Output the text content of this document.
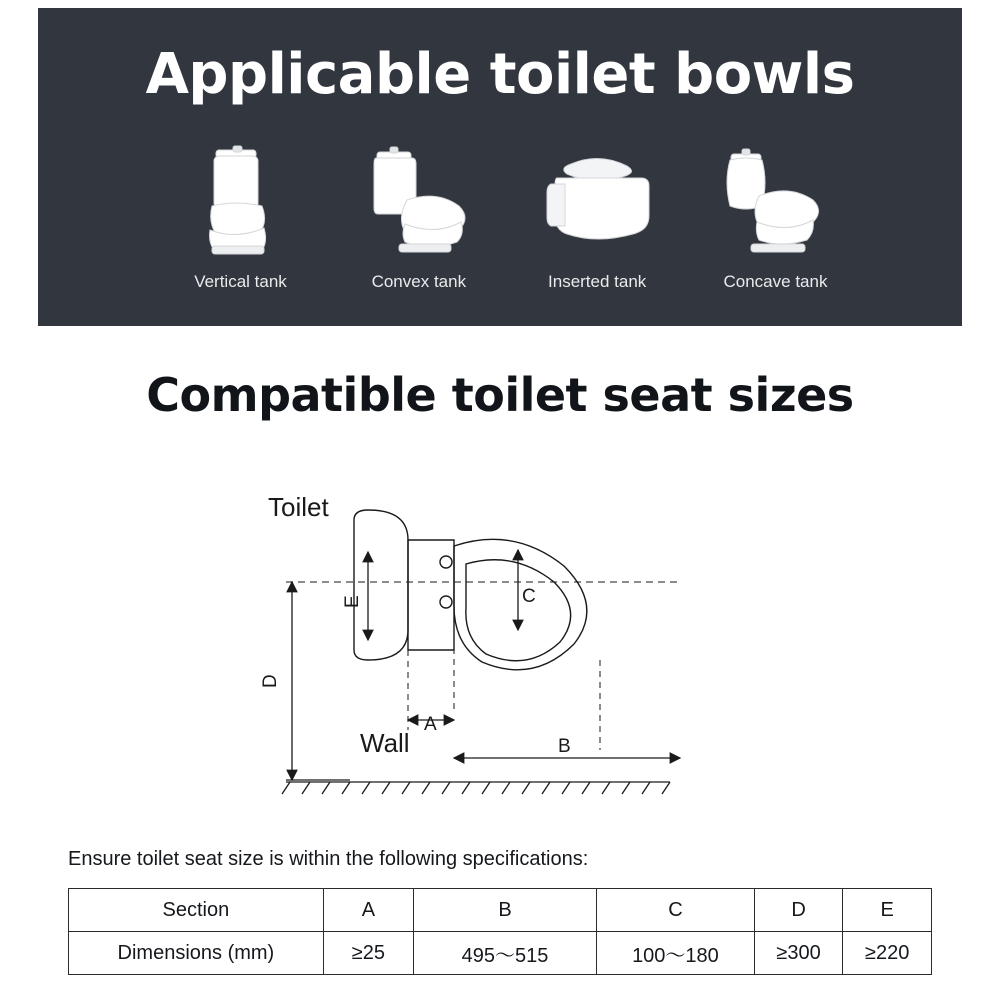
Applicable toilet bowls
Vertical tank	Convex tank	Inserted tank	Concave tank
Compatible toilet seat sizes
Toilet
Wall
A
B
C
D
E
Ensure toilet seat size is within the following specifications:
Section	A	B	C	D	E
Dimensions (mm)	≥25	495〜515	100〜180	≥300	≥220
